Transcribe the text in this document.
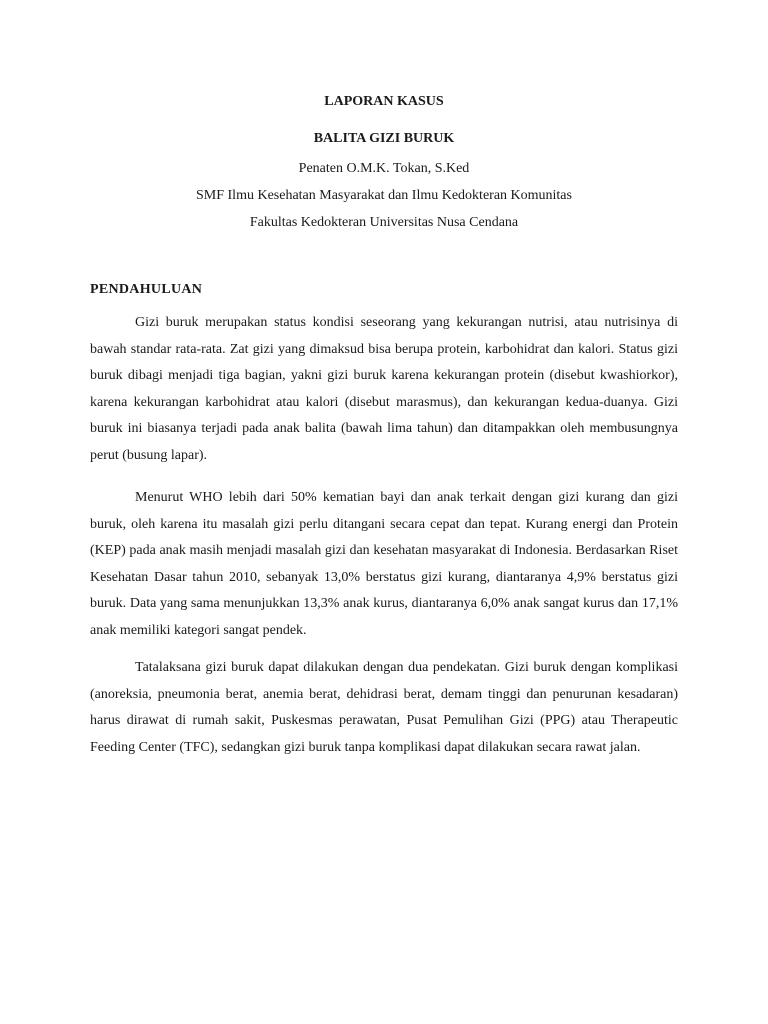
LAPORAN KASUS
BALITA GIZI BURUK
Penaten O.M.K. Tokan, S.Ked
SMF Ilmu Kesehatan Masyarakat dan Ilmu Kedokteran Komunitas
Fakultas Kedokteran Universitas Nusa Cendana
PENDAHULUAN

Gizi buruk merupakan status kondisi seseorang yang kekurangan nutrisi, atau nutrisinya di bawah standar rata-rata. Zat gizi yang dimaksud bisa berupa protein, karbohidrat dan kalori. Status gizi buruk dibagi menjadi tiga bagian, yakni gizi buruk karena kekurangan protein (disebut kwashiorkor), karena kekurangan karbohidrat atau kalori (disebut marasmus), dan kekurangan kedua-duanya. Gizi buruk ini biasanya terjadi pada anak balita (bawah lima tahun) dan ditampakkan oleh membusungnya perut (busung lapar).

Menurut WHO lebih dari 50% kematian bayi dan anak terkait dengan gizi kurang dan gizi buruk, oleh karena itu masalah gizi perlu ditangani secara cepat dan tepat. Kurang energi dan Protein (KEP) pada anak masih menjadi masalah gizi dan kesehatan masyarakat di Indonesia. Berdasarkan Riset Kesehatan Dasar tahun 2010, sebanyak 13,0% berstatus gizi kurang, diantaranya 4,9% berstatus gizi buruk. Data yang sama menunjukkan 13,3% anak kurus, diantaranya 6,0% anak sangat kurus dan 17,1% anak memiliki kategori sangat pendek.

Tatalaksana gizi buruk dapat dilakukan dengan dua pendekatan. Gizi buruk dengan komplikasi (anoreksia, pneumonia berat, anemia berat, dehidrasi berat, demam tinggi dan penurunan kesadaran) harus dirawat di rumah sakit, Puskesmas perawatan, Pusat Pemulihan Gizi (PPG) atau Therapeutic Feeding Center (TFC), sedangkan gizi buruk tanpa komplikasi dapat dilakukan secara rawat jalan.
